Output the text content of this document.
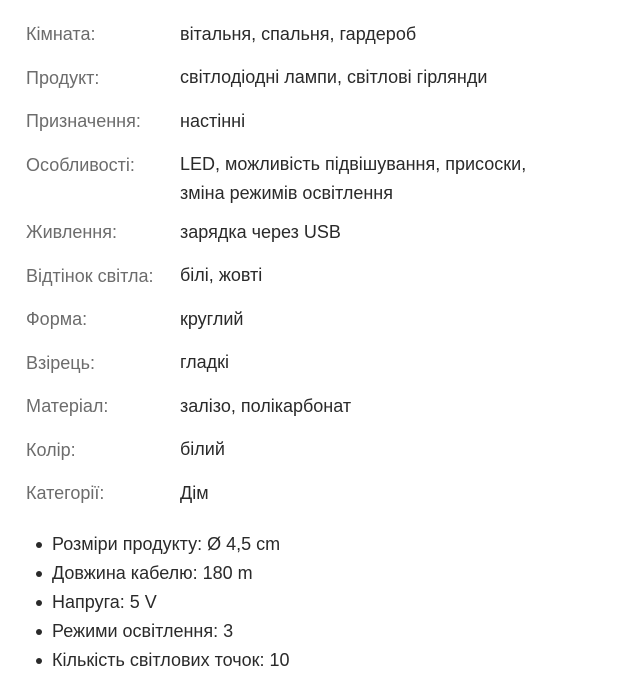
Кімната:	вітальня, спальня, гардероб
Продукт:	світлодіодні лампи, світлові гірлянди
Призначення:	настінні
Особливості:	LED, можливість підвішування, присоски,
зміна режимів освітлення
Живлення:	зарядка через USB
Відтінок світла:	білі, жовті
Форма:	круглий
Взірець:	гладкі
Матеріал:	залізо, полікарбонат
Колір:	білий
Категорії:	Дім
Розміри продукту: Ø 4,5 cm
Довжина кабелю: 180 m
Напруга: 5 V
Режими освітлення: 3
Кількість світлових точок: 10
